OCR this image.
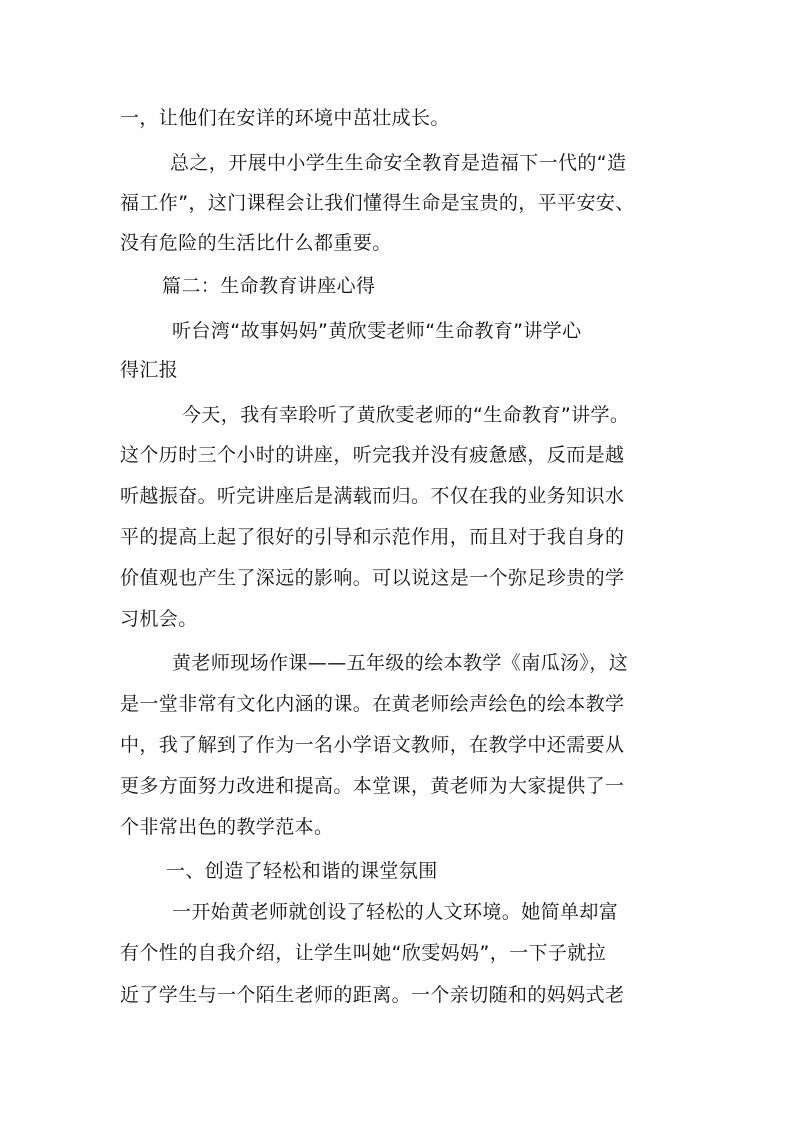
一，让他们在安详的环境中茁壮成长。
总之，开展中小学生生命安全教育是造福下一代的“造
福工作”，这门课程会让我们懂得生命是宝贵的，平平安安、
没有危险的生活比什么都重要。
篇二：生命教育讲座心得
听台湾“故事妈妈”黄欣雯老师“生命教育”讲学心
得汇报
今天，我有幸聆听了黄欣雯老师的“生命教育”讲学。
这个历时三个小时的讲座，听完我并没有疲惫感，反而是越
听越振奋。听完讲座后是满载而归。不仅在我的业务知识水
平的提高上起了很好的引导和示范作用，而且对于我自身的
价值观也产生了深远的影响。可以说这是一个弥足珍贵的学
习机会。
黄老师现场作课——五年级的绘本教学《南瓜汤》，这
是一堂非常有文化内涵的课。在黄老师绘声绘色的绘本教学
中，我了解到了作为一名小学语文教师，在教学中还需要从
更多方面努力改进和提高。本堂课，黄老师为大家提供了一
个非常出色的教学范本。
一、创造了轻松和谐的课堂氛围
一开始黄老师就创设了轻松的人文环境。她简单却富
有个性的自我介绍，让学生叫她“欣雯妈妈”，一下子就拉
近了学生与一个陌生老师的距离。一个亲切随和的妈妈式老
